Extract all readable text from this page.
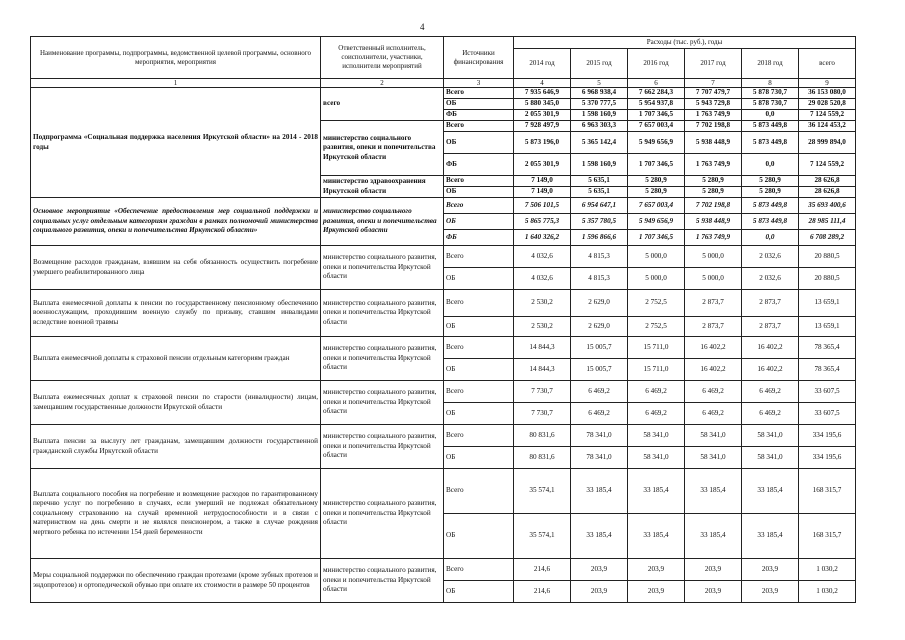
4
Наименование программы, подпрограммы, ведомственной целевой программы, основного мероприятия, мероприятия	Ответственный исполнитель, соисполнители, участники, исполнители мероприятий	Источники финансирования	Расходы (тыс. руб.), годы					
			2014 год	2015 год	2016 год	2017 год	2018 год	всего
1	2	3	4	5	6	7	8	9
Подпрограмма «Социальная поддержка населения Иркутской области» на 2014 - 2018 годы	всего	Всего	7 935 646,9	6 968 938,4	7 662 284,3	7 707 479,7	5 878 730,7	36 153 080,0
		ОБ	5 880 345,0	5 370 777,5	5 954 937,8	5 943 729,8	5 878 730,7	29 028 520,8
		ФБ	2 055 301,9	1 598 160,9	1 707 346,5	1 763 749,9	0,0	7 124 559,2
	министерство социального развития, опеки и попечительства Иркутской области	Всего	7 928 497,9	6 963 303,3	7 657 003,4	7 702 198,8	5 873 449,8	36 124 453,2
		ОБ	5 873 196,0	5 365 142,4	5 949 656,9	5 938 448,9	5 873 449,8	28 999 894,0
		ФБ	2 055 301,9	1 598 160,9	1 707 346,5	1 763 749,9	0,0	7 124 559,2
	министерство здравоохранения Иркутской области	Всего	7 149,0	5 635,1	5 280,9	5 280,9	5 280,9	28 626,8
		ОБ	7 149,0	5 635,1	5 280,9	5 280,9	5 280,9	28 626,8
Основное мероприятие «Обеспечение предоставления мер социальной поддержки и социальных услуг отдельным категориям граждан в рамках полномочий министерства социального развития, опеки и попечительства Иркутской области»	министерство социального развития, опеки и попечительства Иркутской области	Всего	7 506 101,5	6 954 647,1	7 657 003,4	7 702 198,8	5 873 449,8	35 693 400,6
		ОБ	5 865 775,3	5 357 780,5	5 949 656,9	5 938 448,9	5 873 449,8	28 985 111,4
		ФБ	1 640 326,2	1 596 866,6	1 707 346,5	1 763 749,9	0,0	6 708 289,2
Возмещение расходов гражданам, взявшим на себя обязанность осуществить погребение умершего реабилитированного лица	министерство социального развития, опеки и попечительства Иркутской области	Всего	4 032,6	4 815,3	5 000,0	5 000,0	2 032,6	20 880,5
		ОБ	4 032,6	4 815,3	5 000,0	5 000,0	2 032,6	20 880,5
Выплата ежемесячной доплаты к пенсии по государственному пенсионному обеспечению военнослужащим, проходившим военную службу по призыву, ставшим инвалидами вследствие военной травмы	министерство социального развития, опеки и попечительства Иркутской области	Всего	2 530,2	2 629,0	2 752,5	2 873,7	2 873,7	13 659,1
		ОБ	2 530,2	2 629,0	2 752,5	2 873,7	2 873,7	13 659,1
Выплата ежемесячной доплаты к страховой пенсии отдельным категориям граждан	министерство социального развития, опеки и попечительства Иркутской области	Всего	14 844,3	15 005,7	15 711,0	16 402,2	16 402,2	78 365,4
		ОБ	14 844,3	15 005,7	15 711,0	16 402,2	16 402,2	78 365,4
Выплата ежемесячных доплат к страховой пенсии по старости (инвалидности) лицам, замещавшим государственные должности Иркутской области	министерство социального развития, опеки и попечительства Иркутской области	Всего	7 730,7	6 469,2	6 469,2	6 469,2	6 469,2	33 607,5
		ОБ	7 730,7	6 469,2	6 469,2	6 469,2	6 469,2	33 607,5
Выплата пенсии за выслугу лет гражданам, замещавшим должности государственной гражданской службы Иркутской области	министерство социального развития, опеки и попечительства Иркутской области	Всего	80 831,6	78 341,0	58 341,0	58 341,0	58 341,0	334 195,6
		ОБ	80 831,6	78 341,0	58 341,0	58 341,0	58 341,0	334 195,6
Выплата социального пособия на погребение и возмещение расходов по гарантированному перечню услуг по погребению в случаях, если умерший не подлежал обязательному социальному страхованию на случай временной нетрудоспособности и в связи с материнством на день смерти и не являлся пенсионером, а также в случае рождения мертвого ребенка по истечении 154 дней беременности	министерство социального развития, опеки и попечительства Иркутской области	Всего	35 574,1	33 185,4	33 185,4	33 185,4	33 185,4	168 315,7
		ОБ	35 574,1	33 185,4	33 185,4	33 185,4	33 185,4	168 315,7
Меры социальной поддержки по обеспечению граждан протезами (кроме зубных протезов и эндопротезов) и ортопедической обувью при оплате их стоимости в размере 50 процентов	министерство социального развития, опеки и попечительства Иркутской области	Всего	214,6	203,9	203,9	203,9	203,9	1 030,2
		ОБ	214,6	203,9	203,9	203,9	203,9	1 030,2
